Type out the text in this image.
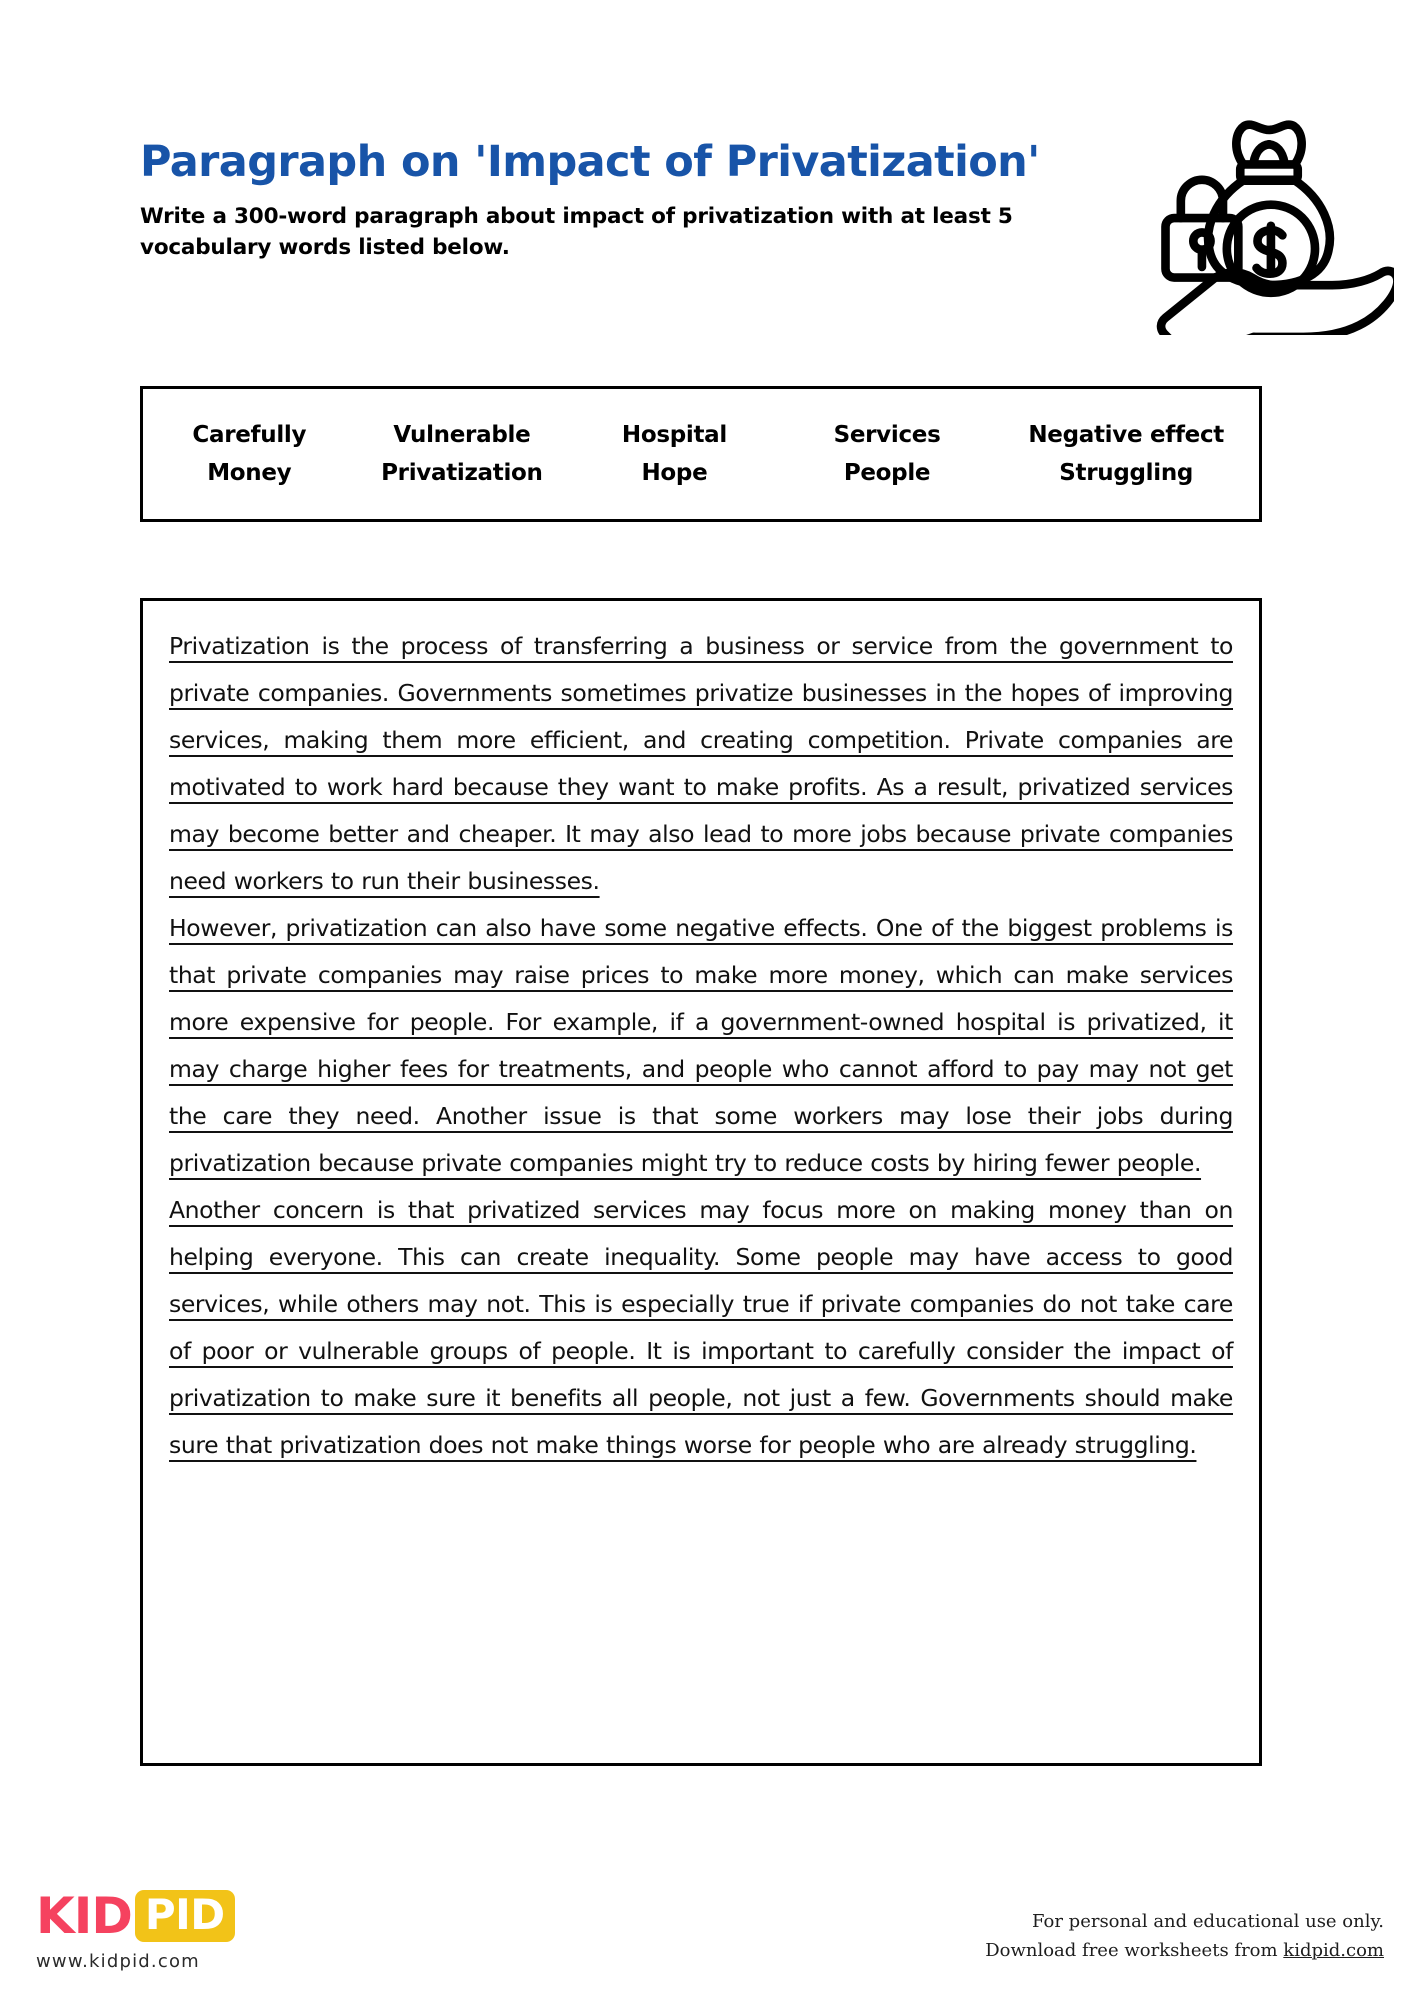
Paragraph on 'Impact of Privatization'

Write a 300-word paragraph about impact of privatization with at least 5 vocabulary words listed below.

Carefully	Vulnerable	Hospital	Services	Negative effect
Money	Privatization	Hope	People	Struggling

Privatization is the process of transferring a business or service from the government to private companies. Governments sometimes privatize businesses in the hopes of improving services, making them more efficient, and creating competition. Private companies are motivated to work hard because they want to make profits. As a result, privatized services may become better and cheaper. It may also lead to more jobs because private companies need workers to run their businesses.

However, privatization can also have some negative effects. One of the biggest problems is that private companies may raise prices to make more money, which can make services more expensive for people. For example, if a government-owned hospital is privatized, it may charge higher fees for treatments, and people who cannot afford to pay may not get the care they need. Another issue is that some workers may lose their jobs during privatization because private companies might try to reduce costs by hiring fewer people.

Another concern is that privatized services may focus more on making money than on helping everyone. This can create inequality. Some people may have access to good services, while others may not. This is especially true if private companies do not take care of poor or vulnerable groups of people. It is important to carefully consider the impact of privatization to make sure it benefits all people, not just a few. Governments should make sure that privatization does not make things worse for people who are already struggling.

KID PID
www.kidpid.com
For personal and educational use only.
Download free worksheets from kidpid.com
